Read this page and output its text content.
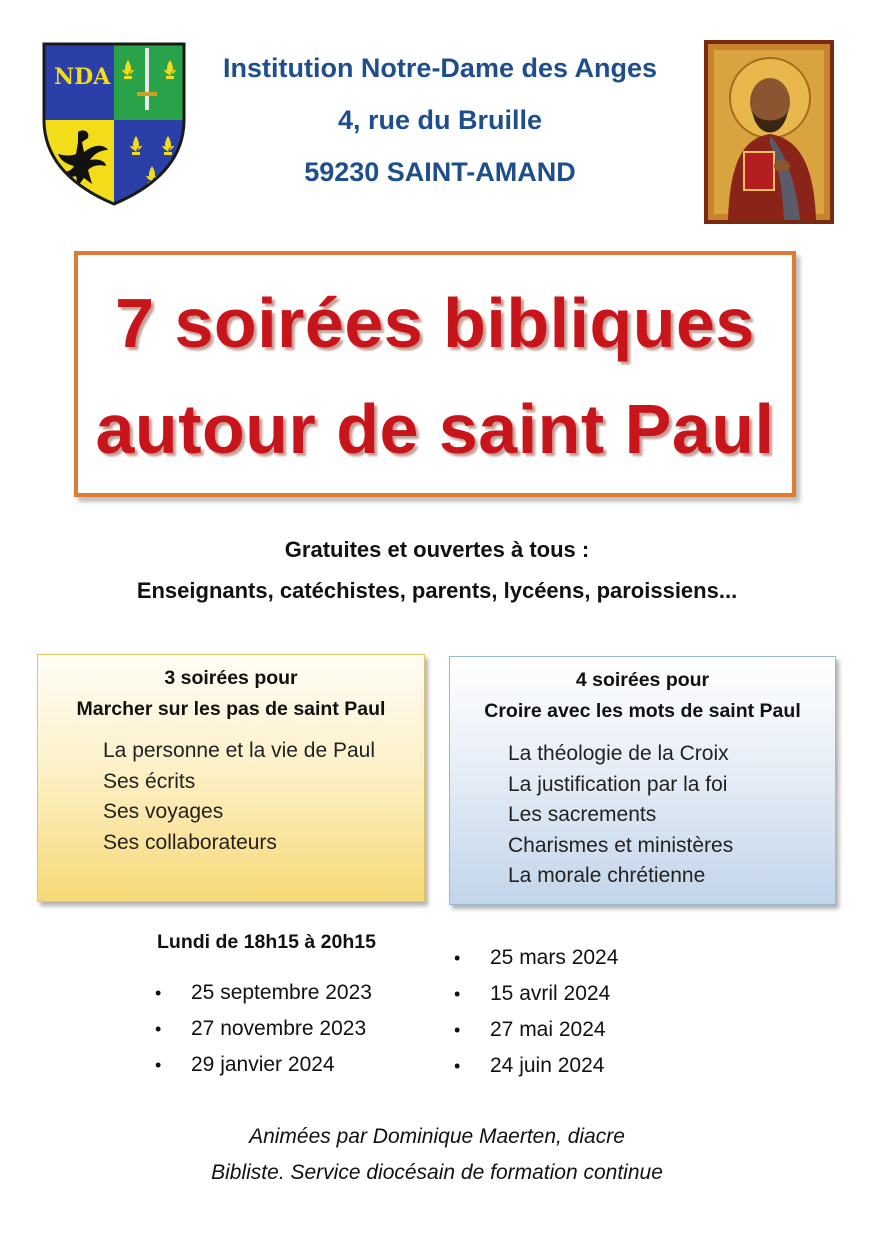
NDA	Institution Notre-Dame des Anges
4, rue du Bruille
59230 SAINT-AMAND
7 soirées bibliques
autour de saint Paul
Gratuites et ouvertes à tous :
Enseignants, catéchistes, parents, lycéens, paroissiens...
3 soirées pour
Marcher sur les pas de saint Paul
La personne et la vie de Paul
Ses écrits
Ses voyages
Ses collaborateurs
4 soirées pour
Croire avec les mots de saint Paul
La théologie de la Croix
La justification par la foi
Les sacrements
Charismes et ministères
La morale chrétienne
Lundi de 18h15 à 20h15
• 25 septembre 2023
• 27 novembre 2023
• 29 janvier 2024
• 25 mars 2024
• 15 avril 2024
• 27 mai 2024
• 24 juin 2024
Animées par Dominique Maerten, diacre
Bibliste. Service diocésain de formation continue
